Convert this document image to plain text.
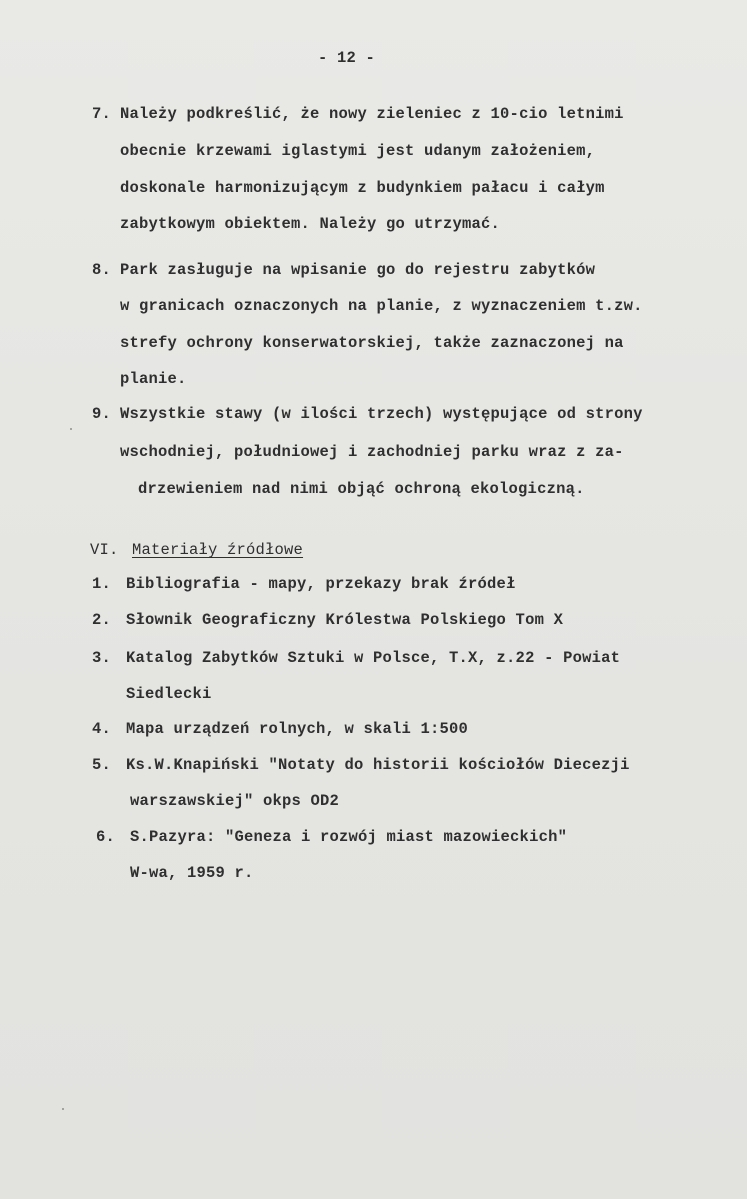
- 12 -
7. Należy podkreślić, że nowy zieleniec z 10-cio letnimi
obecnie krzewami iglastymi jest udanym założeniem,
doskonale harmonizującym z budynkiem pałacu i całym
zabytkowym obiektem. Należy go utrzymać.
8. Park zasługuje na wpisanie go do rejestru zabytków
w granicach oznaczonych na planie, z wyznaczeniem t.zw.
strefy ochrony konserwatorskiej, także zaznaczonej na
planie.
9. Wszystkie stawy (w ilości trzech) występujące od strony
wschodniej, południowej i zachodniej parku wraz z za-
drzewieniem nad nimi objąć ochroną ekologiczną.
VI. Materiały źródłowe
1. Bibliografia - mapy, przekazy brak źródeł
2. Słownik Geograficzny Królestwa Polskiego Tom X
3. Katalog Zabytków Sztuki w Polsce, T.X, z.22 - Powiat
Siedlecki
4. Mapa urządzeń rolnych, w skali 1:500
5. Ks.W.Knapiński "Notaty do historii kościołów Diecezji
warszawskiej" okps OD2
6. S.Pazyra: "Geneza i rozwój miast mazowieckich"
W-wa, 1959 r.
